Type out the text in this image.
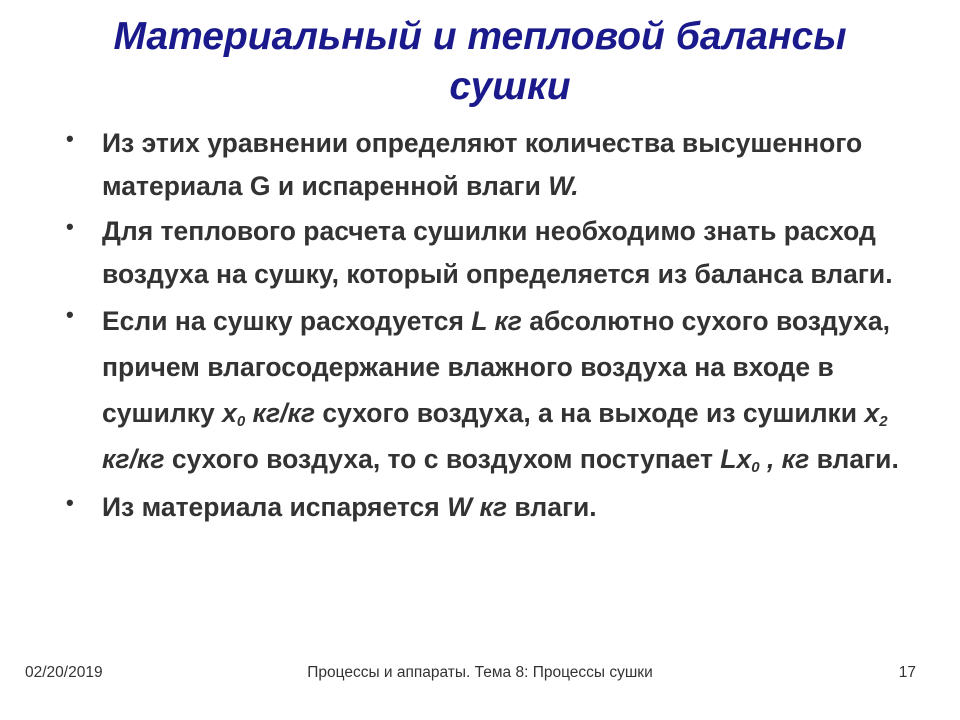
Материальный и тепловой балансы
сушки
• Из этих уравнении определяют количества высушенного материала G и испаренной влаги W.
• Для теплового расчета сушилки необходимо знать расход воздуха на сушку, который определяется из баланса влаги.
• Если на сушку расходуется L кг абсолютно сухого воздуха, причем влагосодержание влажного воздуха на входе в сушилку $x_0$ кг/кг сухого воздуха, а на выходе из сушилки $x_2$ кг/кг сухого воздуха, то с воздухом поступает $Lx_0$ , кг влаги.
• Из материала испаряется W кг влаги.
02/20/2019	Процессы и аппараты. Тема 8: Процессы сушки	17
